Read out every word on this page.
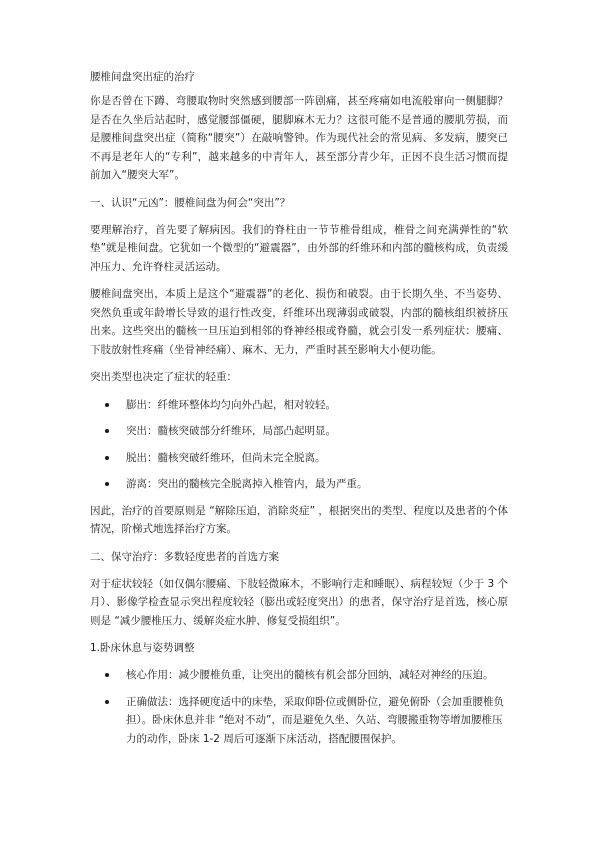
腰椎间盘突出症的治疗

你是否曾在下蹲、弯腰取物时突然感到腰部一阵剧痛，甚至疼痛如电流般窜向一侧腿脚？是否在久坐后站起时，感觉腰部僵硬，腿脚麻木无力？这很可能不是普通的腰肌劳损，而是腰椎间盘突出症（简称“腰突”）在敲响警钟。作为现代社会的常见病、多发病，腰突已不再是老年人的“专利”，越来越多的中青年人，甚至部分青少年，正因不良生活习惯而提前加入“腰突大军”。

一、认识“元凶”：腰椎间盘为何会“突出”？

要理解治疗，首先要了解病因。我们的脊柱由一节节椎骨组成，椎骨之间充满弹性的“软垫”就是椎间盘。它犹如一个微型的“避震器”，由外部的纤维环和内部的髓核构成，负责缓冲压力、允许脊柱灵活运动。

腰椎间盘突出，本质上是这个“避震器”的老化、损伤和破裂。由于长期久坐、不当姿势、突然负重或年龄增长导致的退行性改变，纤维环出现薄弱或破裂，内部的髓核组织被挤压出来。这些突出的髓核一旦压迫到相邻的脊神经根或脊髓，就会引发一系列症状：腰痛、下肢放射性疼痛（坐骨神经痛）、麻木、无力，严重时甚至影响大小便功能。

突出类型也决定了症状的轻重：

膨出：纤维环整体均匀向外凸起，相对较轻。
突出：髓核突破部分纤维环，局部凸起明显。
脱出：髓核突破纤维环，但尚未完全脱离。
游离：突出的髓核完全脱离掉入椎管内，最为严重。

因此，治疗的首要原则是 “解除压迫，消除炎症” ，根据突出的类型、程度以及患者的个体情况，阶梯式地选择治疗方案。

二、保守治疗：多数轻度患者的首选方案

对于症状较轻（如仅偶尔腰痛、下肢轻微麻木，不影响行走和睡眠）、病程较短（少于 3 个月）、影像学检查显示突出程度较轻（膨出或轻度突出）的患者，保守治疗是首选，核心原则是 “减少腰椎压力、缓解炎症水肿、修复受损组织”。

1.卧床休息与姿势调整

核心作用：减少腰椎负重，让突出的髓核有机会部分回纳，减轻对神经的压迫。
正确做法：选择硬度适中的床垫，采取仰卧位或侧卧位，避免俯卧（会加重腰椎负担）。卧床休息并非 “绝对不动”，而是避免久坐、久站、弯腰搬重物等增加腰椎压力的动作，卧床 1-2 周后可逐渐下床活动，搭配腰围保护。
